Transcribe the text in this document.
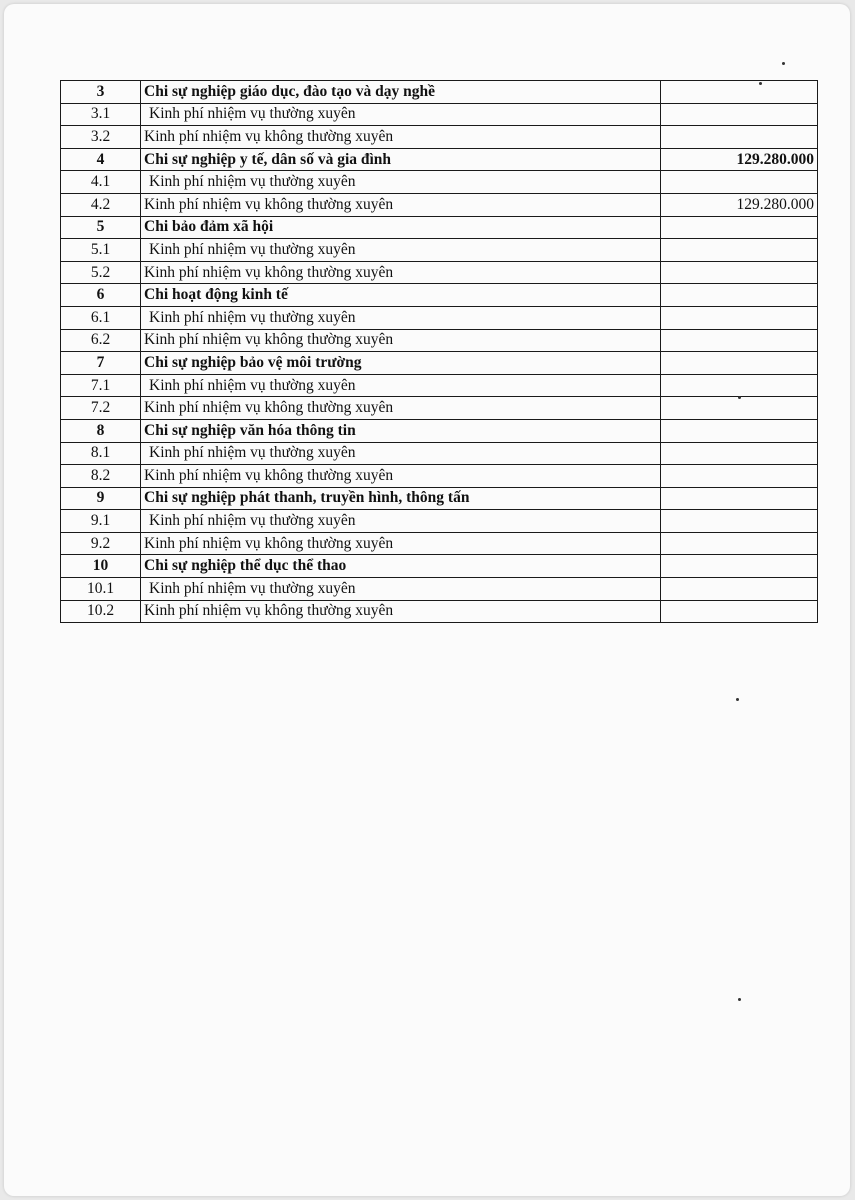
3	Chi sự nghiệp giáo dục, đào tạo và dạy nghề	
3.1	Kinh phí nhiệm vụ thường xuyên	
3.2	Kinh phí nhiệm vụ không thường xuyên	
4	Chi sự nghiệp y tế, dân số và gia đình	129.280.000
4.1	Kinh phí nhiệm vụ thường xuyên	
4.2	Kinh phí nhiệm vụ không thường xuyên	129.280.000
5	Chi bảo đảm xã hội	
5.1	Kinh phí nhiệm vụ thường xuyên	
5.2	Kinh phí nhiệm vụ không thường xuyên	
6	Chi hoạt động kinh tế	
6.1	Kinh phí nhiệm vụ thường xuyên	
6.2	Kinh phí nhiệm vụ không thường xuyên	
7	Chi sự nghiệp bảo vệ môi trường	
7.1	Kinh phí nhiệm vụ thường xuyên	
7.2	Kinh phí nhiệm vụ không thường xuyên	
8	Chi sự nghiệp văn hóa thông tin	
8.1	Kinh phí nhiệm vụ thường xuyên	
8.2	Kinh phí nhiệm vụ không thường xuyên	
9	Chi sự nghiệp phát thanh, truyền hình, thông tấn	
9.1	Kinh phí nhiệm vụ thường xuyên	
9.2	Kinh phí nhiệm vụ không thường xuyên	
10	Chi sự nghiệp thể dục thể thao	
10.1	Kinh phí nhiệm vụ thường xuyên	
10.2	Kinh phí nhiệm vụ không thường xuyên	
